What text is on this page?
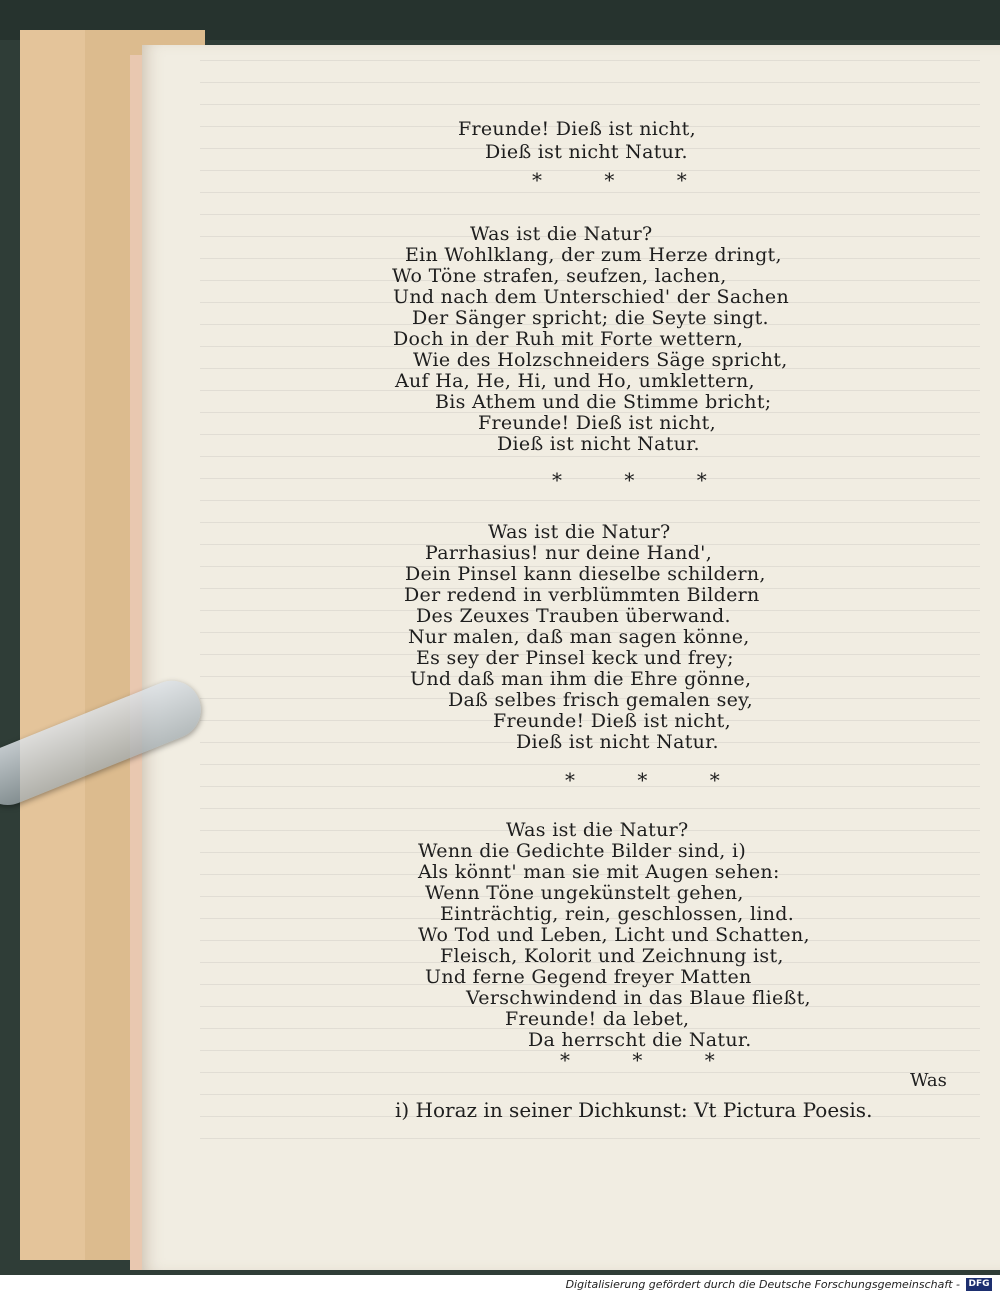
Freunde! Dieß ist nicht,
Dieß ist nicht Natur.
* * *
Was ist die Natur?
Ein Wohlklang, der zum Herze dringt,
Wo Töne strafen, seufzen, lachen,
Und nach dem Unterschied' der Sachen
Der Sänger spricht; die Seyte singt.
Doch in der Ruh mit Forte wettern,
Wie des Holzschneiders Säge spricht,
Auf Ha, He, Hi, und Ho, umklettern,
Bis Athem und die Stimme bricht;
Freunde! Dieß ist nicht,
Dieß ist nicht Natur.
* * *
Was ist die Natur?
Parrhasius! nur deine Hand',
Dein Pinsel kann dieselbe schildern,
Der redend in verblümmten Bildern
Des Zeuxes Trauben überwand.
Nur malen, daß man sagen könne,
Es sey der Pinsel keck und frey;
Und daß man ihm die Ehre gönne,
Daß selbes frisch gemalen sey,
Freunde! Dieß ist nicht,
Dieß ist nicht Natur.
* * *
Was ist die Natur?
Wenn die Gedichte Bilder sind, i)
Als könnt' man sie mit Augen sehen:
Wenn Töne ungekünstelt gehen,
Einträchtig, rein, geschlossen, lind.
Wo Tod und Leben, Licht und Schatten,
Fleisch, Kolorit und Zeichnung ist,
Und ferne Gegend freyer Matten
Verschwindend in das Blaue fließt,
Freunde! da lebet,
Da herrscht die Natur.
* * *
Was
i) Horaz in seiner Dichkunst: Vt Pictura Poesis.
Digitalisierung gefördert durch die Deutsche Forschungsgemeinschaft - DFG
